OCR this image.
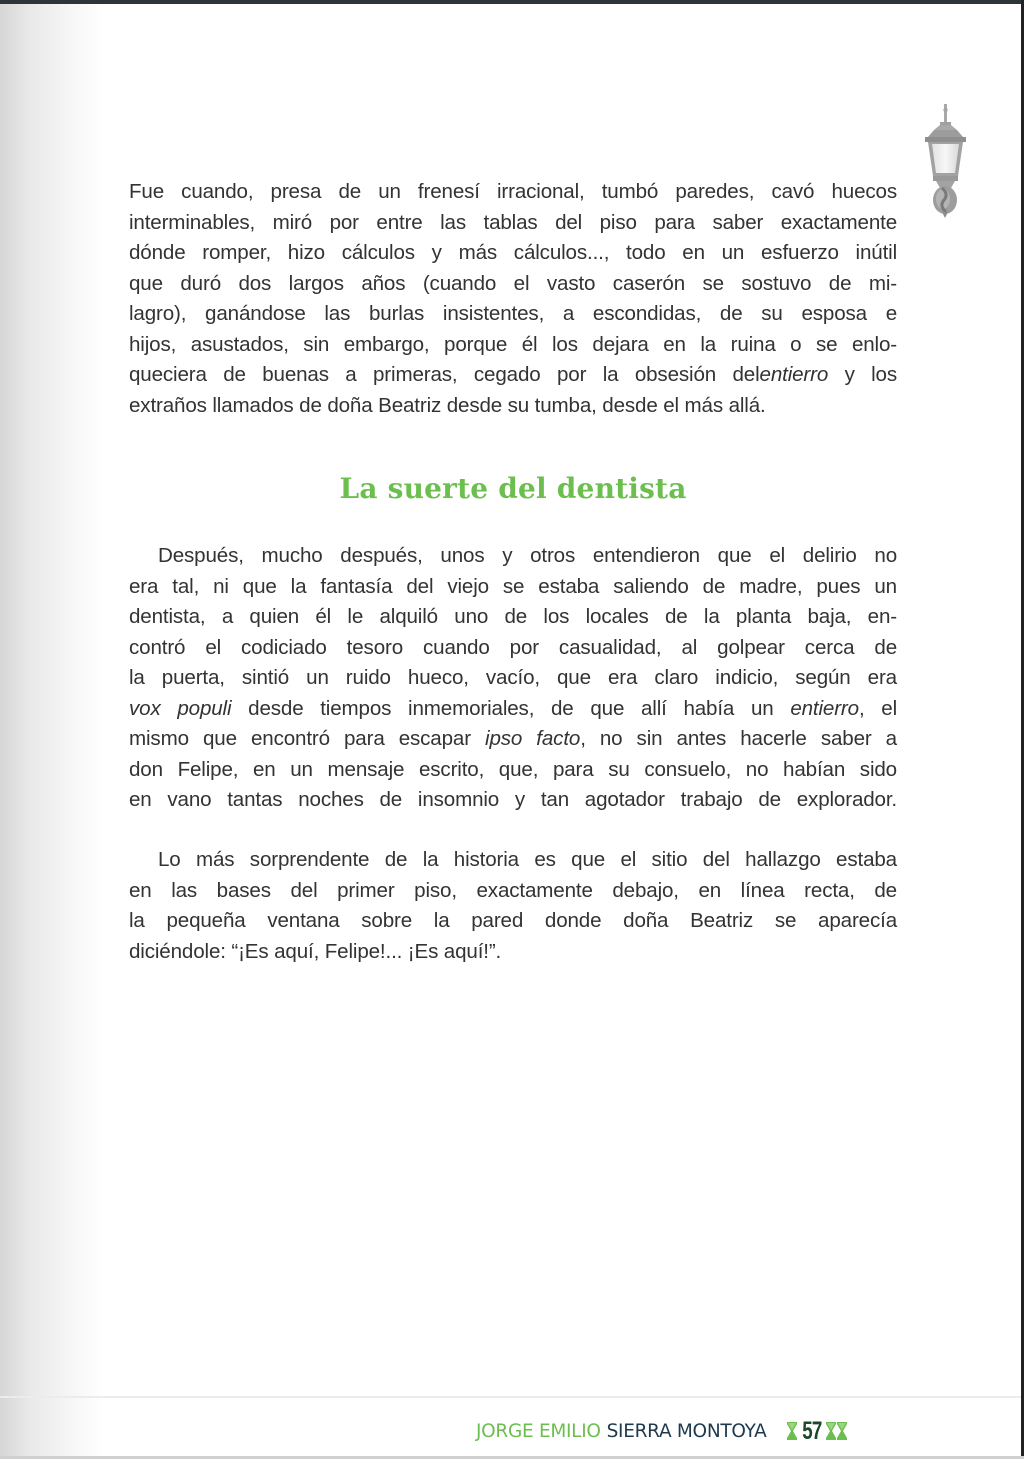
Fue cuando, presa de un frenesí irracional, tumbó paredes, cavó huecos
interminables, miró por entre las tablas del piso para saber exactamente
dónde romper, hizo cálculos y más cálculos..., todo en un esfuerzo inútil
que duró dos largos años (cuando el vasto caserón se sostuvo de mi-
lagro), ganándose las burlas insistentes, a escondidas, de su esposa e
hijos, asustados, sin embargo, porque él los dejara en la ruina o se enlo-
queciera de buenas a primeras, cegado por la obsesión delentierro y los
extraños llamados de doña Beatriz desde su tumba, desde el más allá.
La suerte del dentista
Después, mucho después, unos y otros entendieron que el delirio no
era tal, ni que la fantasía del viejo se estaba saliendo de madre, pues un
dentista, a quien él le alquiló uno de los locales de la planta baja, en-
contró el codiciado tesoro cuando por casualidad, al golpear cerca de
la puerta, sintió un ruido hueco, vacío, que era claro indicio, según era
vox populi desde tiempos inmemoriales, de que allí había un entierro, el
mismo que encontró para escapar ipso facto, no sin antes hacerle saber a
don Felipe, en un mensaje escrito, que, para su consuelo, no habían sido
en vano tantas noches de insomnio y tan agotador trabajo de explorador.
Lo más sorprendente de la historia es que el sitio del hallazgo estaba
en las bases del primer piso, exactamente debajo, en línea recta, de
la pequeña ventana sobre la pared donde doña Beatriz se aparecía
diciéndole: “¡Es aquí, Felipe!... ¡Es aquí!”.
JORGE EMILIO SIERRA MONTOYA 57
